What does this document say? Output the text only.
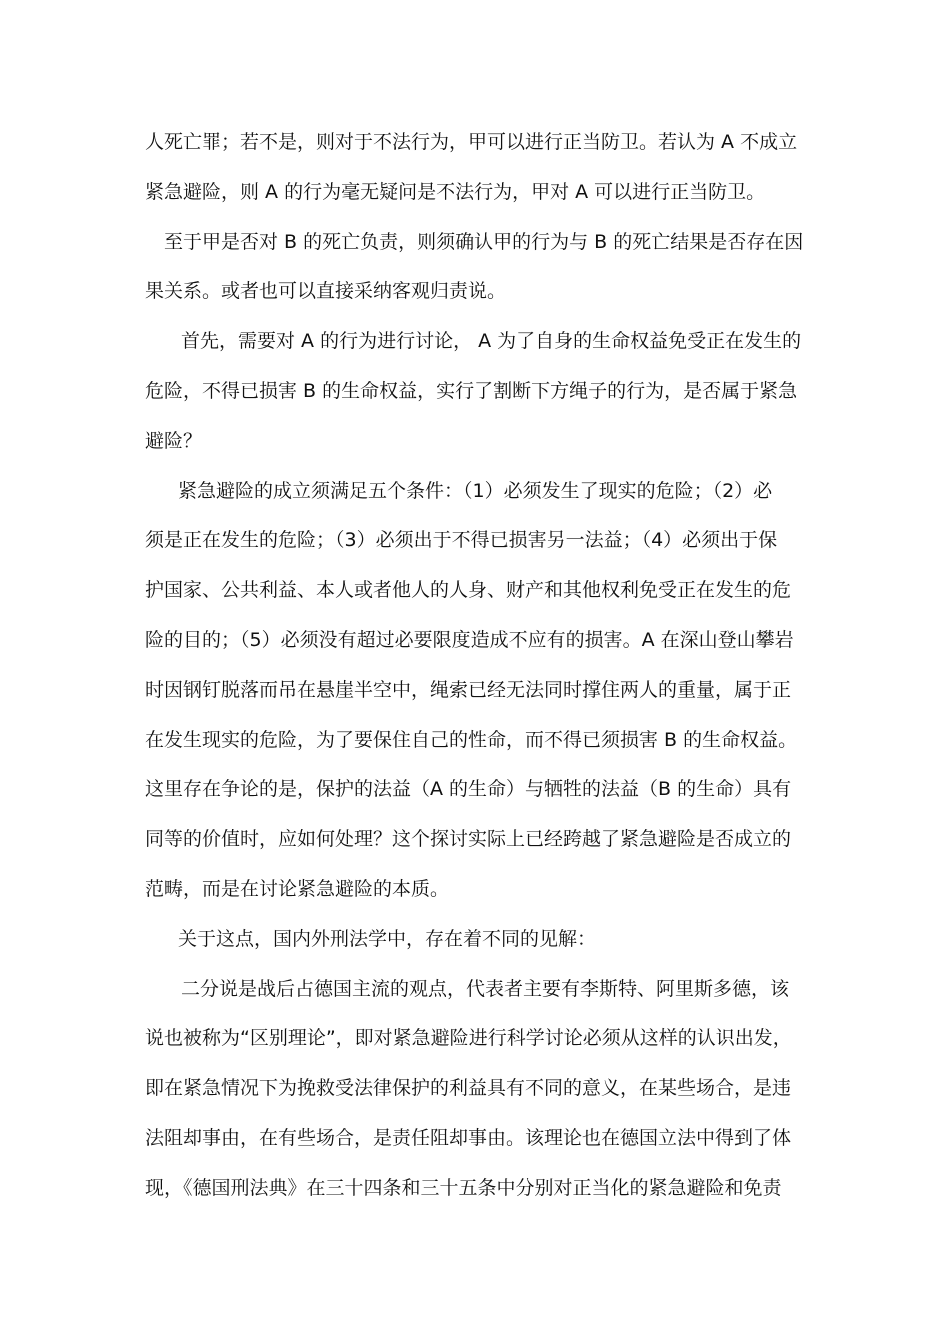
人死亡罪；若不是，则对于不法行为，甲可以进行正当防卫。若认为 A 不成立
紧急避险，则 A 的行为毫无疑问是不法行为，甲对 A 可以进行正当防卫。
至于甲是否对 B 的死亡负责，则须确认甲的行为与 B 的死亡结果是否存在因
果关系。或者也可以直接采纳客观归责说。
首先，需要对 A 的行为进行讨论， A 为了自身的生命权益免受正在发生的
危险，不得已损害 B 的生命权益，实行了割断下方绳子的行为，是否属于紧急
避险？
紧急避险的成立须满足五个条件：（1）必须发生了现实的危险；（2）必
须是正在发生的危险；（3）必须出于不得已损害另一法益；（4）必须出于保
护国家、公共利益、本人或者他人的人身、财产和其他权利免受正在发生的危
险的目的；（5）必须没有超过必要限度造成不应有的损害。A 在深山登山攀岩
时因钢钉脱落而吊在悬崖半空中，绳索已经无法同时撑住两人的重量，属于正
在发生现实的危险，为了要保住自己的性命，而不得已须损害 B 的生命权益。
这里存在争论的是，保护的法益（A 的生命）与牺牲的法益（B 的生命）具有
同等的价值时，应如何处理？这个探讨实际上已经跨越了紧急避险是否成立的
范畴，而是在讨论紧急避险的本质。
关于这点，国内外刑法学中，存在着不同的见解：
二分说是战后占德国主流的观点，代表者主要有李斯特、阿里斯多德，该
说也被称为“区别理论”，即对紧急避险进行科学讨论必须从这样的认识出发，
即在紧急情况下为挽救受法律保护的利益具有不同的意义，在某些场合，是违
法阻却事由，在有些场合，是责任阻却事由。该理论也在德国立法中得到了体
现，《德国刑法典》在三十四条和三十五条中分别对正当化的紧急避险和免责
